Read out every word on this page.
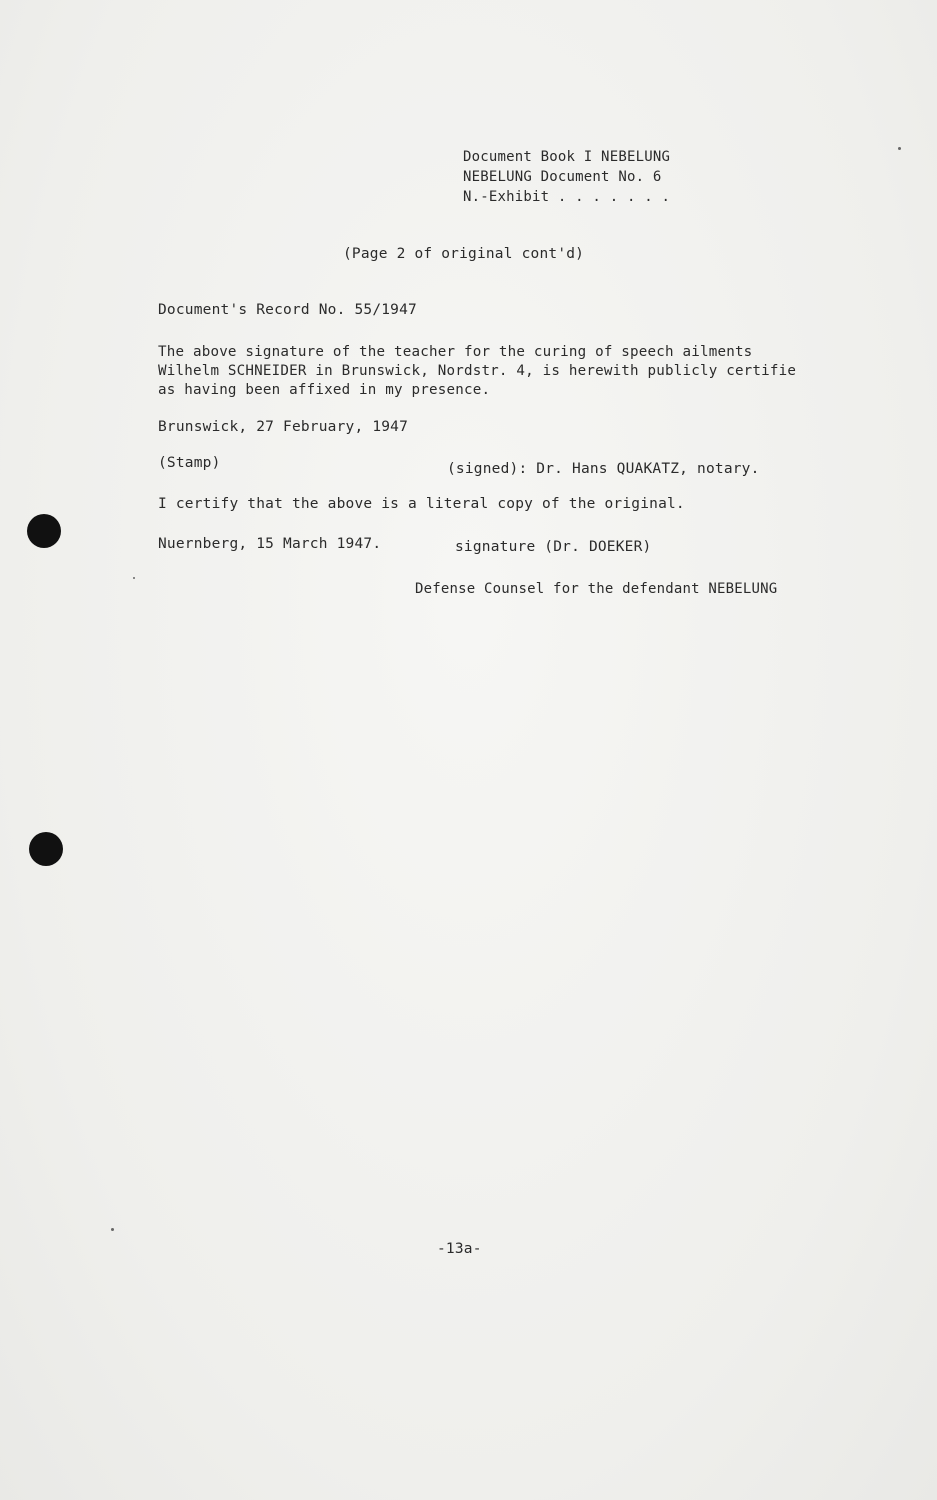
Document Book I NEBELUNG
NEBELUNG Document No. 6
N.-Exhibit . . . . . . .
(Page 2 of original cont'd)
Document's Record No. 55/1947
The above signature of the teacher for the curing of speech ailments
Wilhelm SCHNEIDER in Brunswick, Nordstr. 4, is herewith publicly certifie
as having been affixed in my presence.
Brunswick, 27 February, 1947
(Stamp)	(signed): Dr. Hans QUAKATZ, notary.
I certify that the above is a literal copy of the original.
Nuernberg, 15 March 1947.	signature (Dr. DOEKER)
Defense Counsel for the defendant NEBELUNG
-13a-
